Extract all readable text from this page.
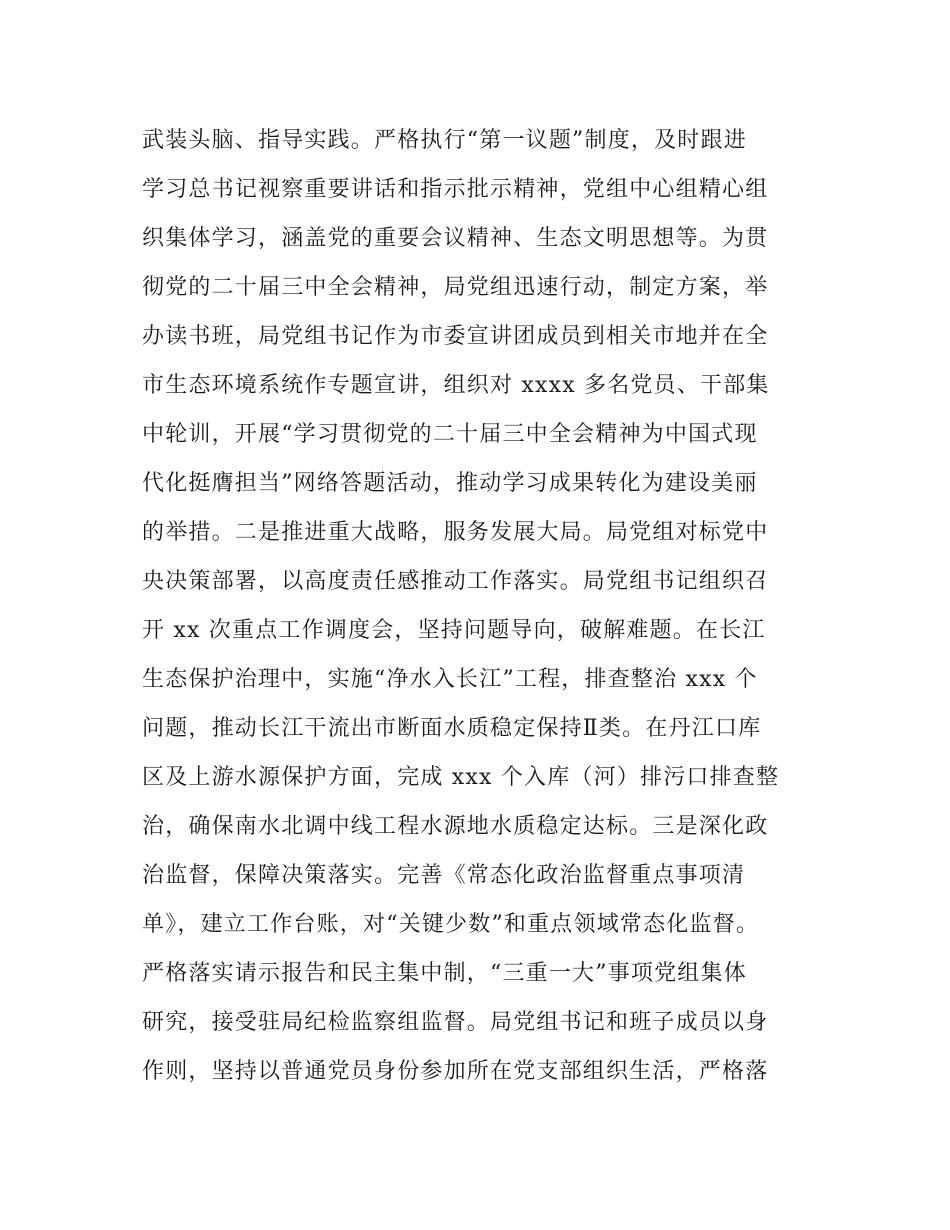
武装头脑、指导实践。严格执行“第一议题”制度，及时跟进
学习总书记视察重要讲话和指示批示精神，党组中心组精心组
织集体学习，涵盖党的重要会议精神、生态文明思想等。为贯
彻党的二十届三中全会精神，局党组迅速行动，制定方案，举
办读书班，局党组书记作为市委宣讲团成员到相关市地并在全
市生态环境系统作专题宣讲，组织对 xxxx 多名党员、干部集
中轮训，开展“学习贯彻党的二十届三中全会精神为中国式现
代化挺膺担当”网络答题活动，推动学习成果转化为建设美丽
的举措。二是推进重大战略，服务发展大局。局党组对标党中
央决策部署，以高度责任感推动工作落实。局党组书记组织召
开 xx 次重点工作调度会，坚持问题导向，破解难题。在长江
生态保护治理中，实施“净水入长江”工程，排查整治 xxx 个
问题，推动长江干流出市断面水质稳定保持Ⅱ类。在丹江口库
区及上游水源保护方面，完成 xxx 个入库（河）排污口排查整
治，确保南水北调中线工程水源地水质稳定达标。三是深化政
治监督，保障决策落实。完善《常态化政治监督重点事项清
单》，建立工作台账，对“关键少数”和重点领域常态化监督。
严格落实请示报告和民主集中制，“三重一大”事项党组集体
研究，接受驻局纪检监察组监督。局党组书记和班子成员以身
作则，坚持以普通党员身份参加所在党支部组织生活，严格落
